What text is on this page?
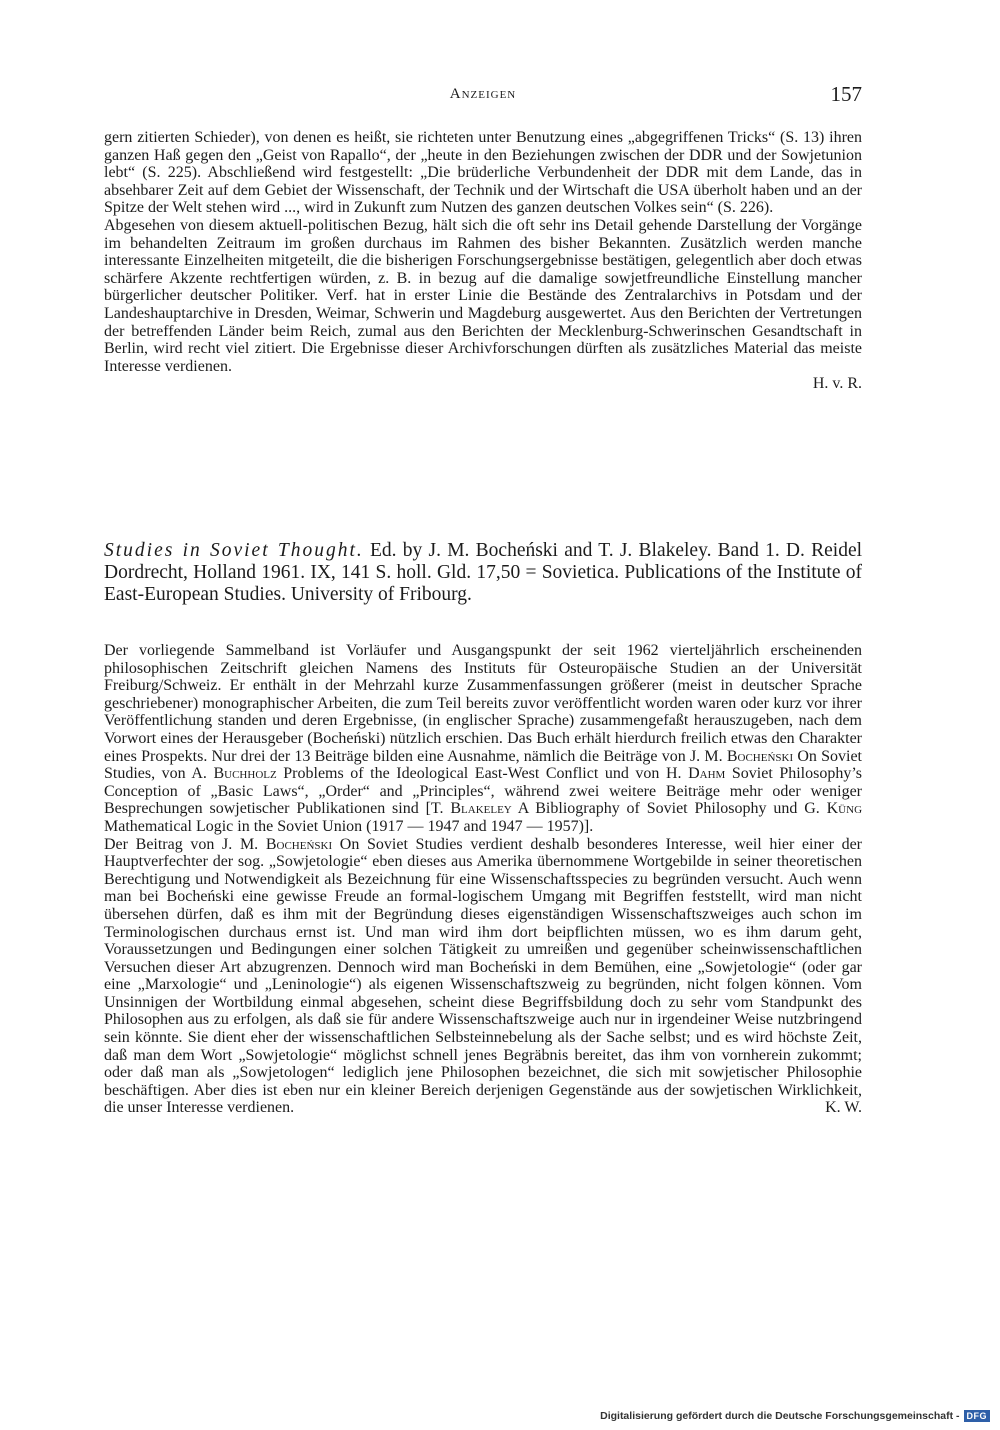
Anzeigen	157

gern zitierten Schieder), von denen es heißt, sie richteten unter Benutzung eines „abgegriffenen Tricks“ (S. 13) ihren ganzen Haß gegen den „Geist von Rapallo“, der „heute in den Beziehungen zwischen der DDR und der Sowjetunion lebt“ (S. 225). Abschließend wird festgestellt: „Die brüderliche Verbundenheit der DDR mit dem Lande, das in absehbarer Zeit auf dem Gebiet der Wissenschaft, der Technik und der Wirtschaft die USA überholt haben und an der Spitze der Welt stehen wird ..., wird in Zukunft zum Nutzen des ganzen deutschen Volkes sein“ (S. 226).

Abgesehen von diesem aktuell-politischen Bezug, hält sich die oft sehr ins Detail gehende Darstellung der Vorgänge im behandelten Zeitraum im großen durchaus im Rahmen des bisher Bekannten. Zusätzlich werden manche interessante Einzelheiten mitgeteilt, die die bisherigen Forschungsergebnisse bestätigen, gelegentlich aber doch etwas schärfere Akzente rechtfertigen würden, z. B. in bezug auf die damalige sowjetfreundliche Einstellung mancher bürgerlicher deutscher Politiker. Verf. hat in erster Linie die Bestände des Zentralarchivs in Potsdam und der Landeshauptarchive in Dresden, Weimar, Schwerin und Magdeburg ausgewertet. Aus den Berichten der Vertretungen der betreffenden Länder beim Reich, zumal aus den Berichten der Mecklenburg-Schwerinschen Gesandtschaft in Berlin, wird recht viel zitiert. Die Ergebnisse dieser Archivforschungen dürften als zusätzliches Material das meiste Interesse verdienen.

H. v. R.

Studies in Soviet Thought. Ed. by J. M. Bocheński and T. J. Blakeley. Band 1. D. Reidel Dordrecht, Holland 1961. IX, 141 S. holl. Gld. 17,50 = Sovietica. Publications of the Institute of East-European Studies. University of Fribourg.

Der vorliegende Sammelband ist Vorläufer und Ausgangspunkt der seit 1962 vierteljährlich erscheinenden philosophischen Zeitschrift gleichen Namens des Instituts für Osteuropäische Studien an der Universität Freiburg/Schweiz. Er enthält in der Mehrzahl kurze Zusammenfassungen größerer (meist in deutscher Sprache geschriebener) monographischer Arbeiten, die zum Teil bereits zuvor veröffentlicht worden waren oder kurz vor ihrer Veröffentlichung standen und deren Ergebnisse, (in englischer Sprache) zusammengefaßt herauszugeben, nach dem Vorwort eines der Herausgeber (Bocheński) nützlich erschien. Das Buch erhält hierdurch freilich etwas den Charakter eines Prospekts. Nur drei der 13 Beiträge bilden eine Ausnahme, nämlich die Beiträge von J. M. Bocheński On Soviet Studies, von A. Buchholz Problems of the Ideological East-West Conflict und von H. Dahm Soviet Philosophy’s Conception of „Basic Laws“, „Order“ and „Principles“, während zwei weitere Beiträge mehr oder weniger Besprechungen sowjetischer Publikationen sind [T. Blakeley A Bibliography of Soviet Philosophy und G. Küng Mathematical Logic in the Soviet Union (1917 — 1947 and 1947 — 1957)].

Der Beitrag von J. M. Bocheński On Soviet Studies verdient deshalb besonderes Interesse, weil hier einer der Hauptverfechter der sog. „Sowjetologie“ eben dieses aus Amerika übernommene Wortgebilde in seiner theoretischen Berechtigung und Notwendigkeit als Bezeichnung für eine Wissenschaftsspecies zu begründen versucht. Auch wenn man bei Bocheński eine gewisse Freude an formal-logischem Umgang mit Begriffen feststellt, wird man nicht übersehen dürfen, daß es ihm mit der Begründung dieses eigenständigen Wissenschaftszweiges auch schon im Terminologischen durchaus ernst ist. Und man wird ihm dort beipflichten müssen, wo es ihm darum geht, Voraussetzungen und Bedingungen einer solchen Tätigkeit zu umreißen und gegenüber scheinwissenschaftlichen Versuchen dieser Art abzugrenzen. Dennoch wird man Bocheński in dem Bemühen, eine „Sowjetologie“ (oder gar eine „Marxologie“ und „Leninologie“) als eigenen Wissenschaftszweig zu begründen, nicht folgen können. Vom Unsinnigen der Wortbildung einmal abgesehen, scheint diese Begriffsbildung doch zu sehr vom Standpunkt des Philosophen aus zu erfolgen, als daß sie für andere Wissenschaftszweige auch nur in irgendeiner Weise nutzbringend sein könnte. Sie dient eher der wissenschaftlichen Selbsteinnebelung als der Sache selbst; und es wird höchste Zeit, daß man dem Wort „Sowjetologie“ möglichst schnell jenes Begräbnis bereitet, das ihm von vornherein zukommt; oder daß man als „Sowjetologen“ lediglich jene Philosophen bezeichnet, die sich mit sowjetischer Philosophie beschäftigen. Aber dies ist eben nur ein kleiner Bereich derjenigen Gegenstände aus der sowjetischen Wirklichkeit, die unser Interesse verdienen.	K. W.

Digitalisierung gefördert durch die Deutsche Forschungsgemeinschaft - DFG
